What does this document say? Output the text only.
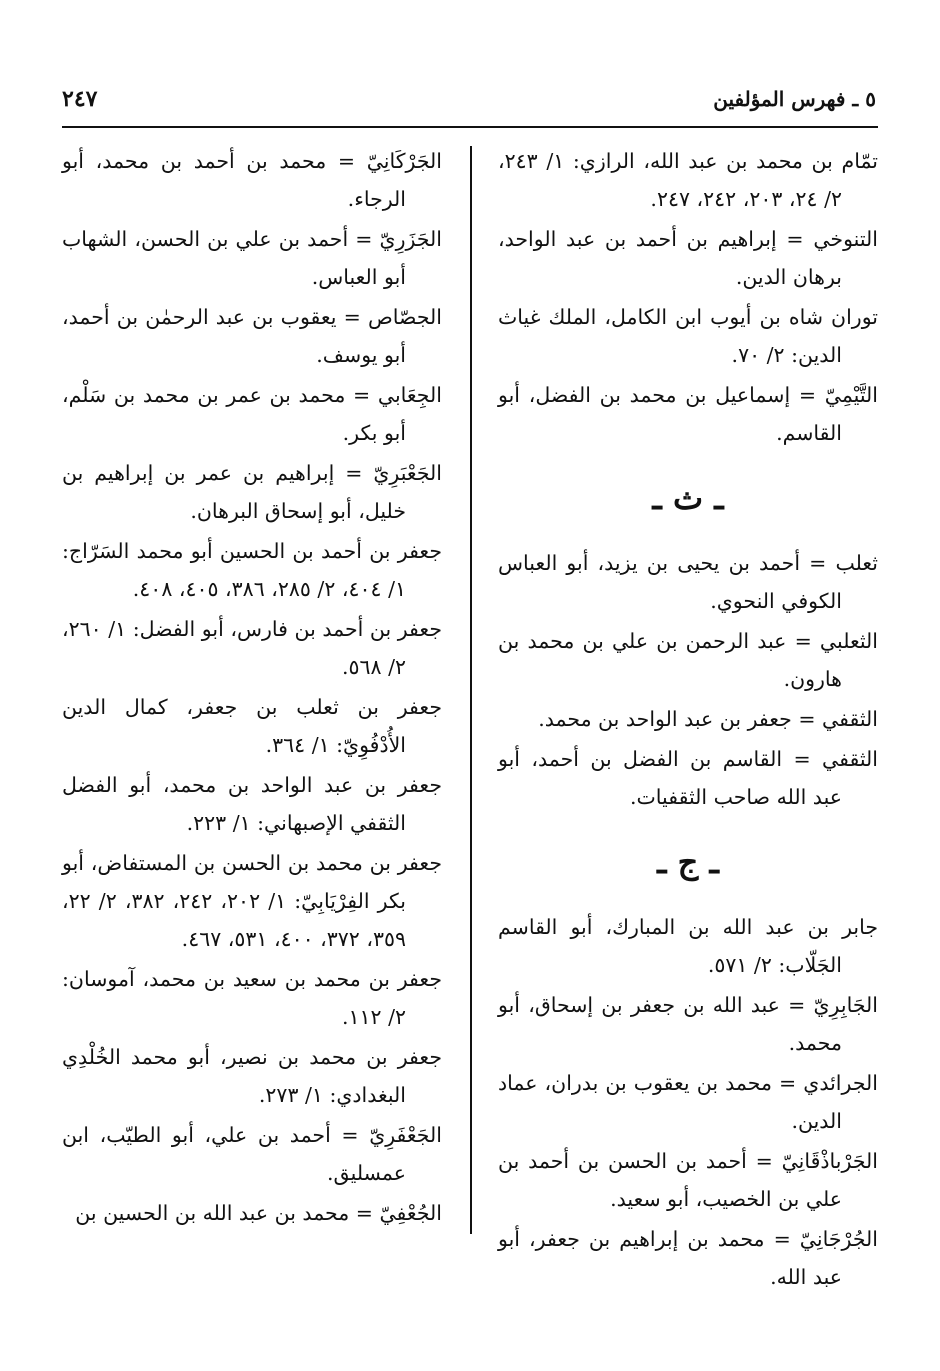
٢٤٧	٥ ـ فهرس المؤلفين
تمّام بن محمد بن عبد الله، الرازي: ١/ ٢٤٣، ٢/ ٢٤، ٢٠٣، ٢٤٢، ٢٤٧.
التنوخي = إبراهيم بن أحمد بن عبد الواحد، برهان الدين.
توران شاه بن أيوب ابن الكامل، الملك غياث الدين: ٢/ ٧٠.
التَّيْمِيّ = إسماعيل بن محمد بن الفضل، أبو القاسم.
ـ ث ـ
ثعلب = أحمد بن يحيى بن يزيد، أبو العباس الكوفي النحوي.
الثعلبي = عبد الرحمن بن علي بن محمد بن هارون.
الثقفي = جعفر بن عبد الواحد بن محمد.
الثقفي = القاسم بن الفضل بن أحمد، أبو عبد الله صاحب الثقفيات.
ـ ج ـ
جابر بن عبد الله بن المبارك، أبو القاسم الجَلّاب: ٢/ ٥٧١.
الجَابِرِيّ = عبد الله بن جعفر بن إسحاق، أبو محمد.
الجرائدي = محمد بن يعقوب بن بدران، عماد الدين.
الجَرْباذْقَانِيّ = أحمد بن الحسن بن أحمد بن علي بن الخصيب، أبو سعيد.
الجُرْجَانِيّ = محمد بن إبراهيم بن جعفر، أبو عبد الله.
الجَرْكَانِيّ = محمد بن أحمد بن محمد، أبو الرجاء.
الجَزَرِيّ = أحمد بن علي بن الحسن، الشهاب أبو العباس.
الجصّاص = يعقوب بن عبد الرحمٰن بن أحمد، أبو يوسف.
الجِعَابي = محمد بن عمر بن محمد بن سَلْم، أبو بكر.
الجَعْبَرِيّ = إبراهيم بن عمر بن إبراهيم بن خليل، أبو إسحاق البرهان.
جعفر بن أحمد بن الحسين أبو محمد السَرّاج: ١/ ٤٠٤، ٢/ ٢٨٥، ٣٨٦، ٤٠٥، ٤٠٨.
جعفر بن أحمد بن فارس، أبو الفضل: ١/ ٢٦٠، ٢/ ٥٦٨.
جعفر بن ثعلب بن جعفر، كمال الدين الأُدْفُوِيّ: ١/ ٣٦٤.
جعفر بن عبد الواحد بن محمد، أبو الفضل الثقفي الإصبهاني: ١/ ٢٢٣.
جعفر بن محمد بن الحسن بن المستفاض، أبو بكر الفِرْيَابِيّ: ١/ ٢٠٢، ٢٤٢، ٣٨٢، ٢/ ٢٢، ٣٥٩، ٣٧٢، ٤٠٠، ٥٣١، ٤٦٧.
جعفر بن محمد بن سعيد بن محمد، آموسان: ٢/ ١١٢.
جعفر بن محمد بن نصير، أبو محمد الخُلْدِي البغدادي: ١/ ٢٧٣.
الجَعْفَرِيّ = أحمد بن علي، أبو الطيّب، ابن عمسليق.
الجُعْفِيّ = محمد بن عبد الله بن الحسين بن
